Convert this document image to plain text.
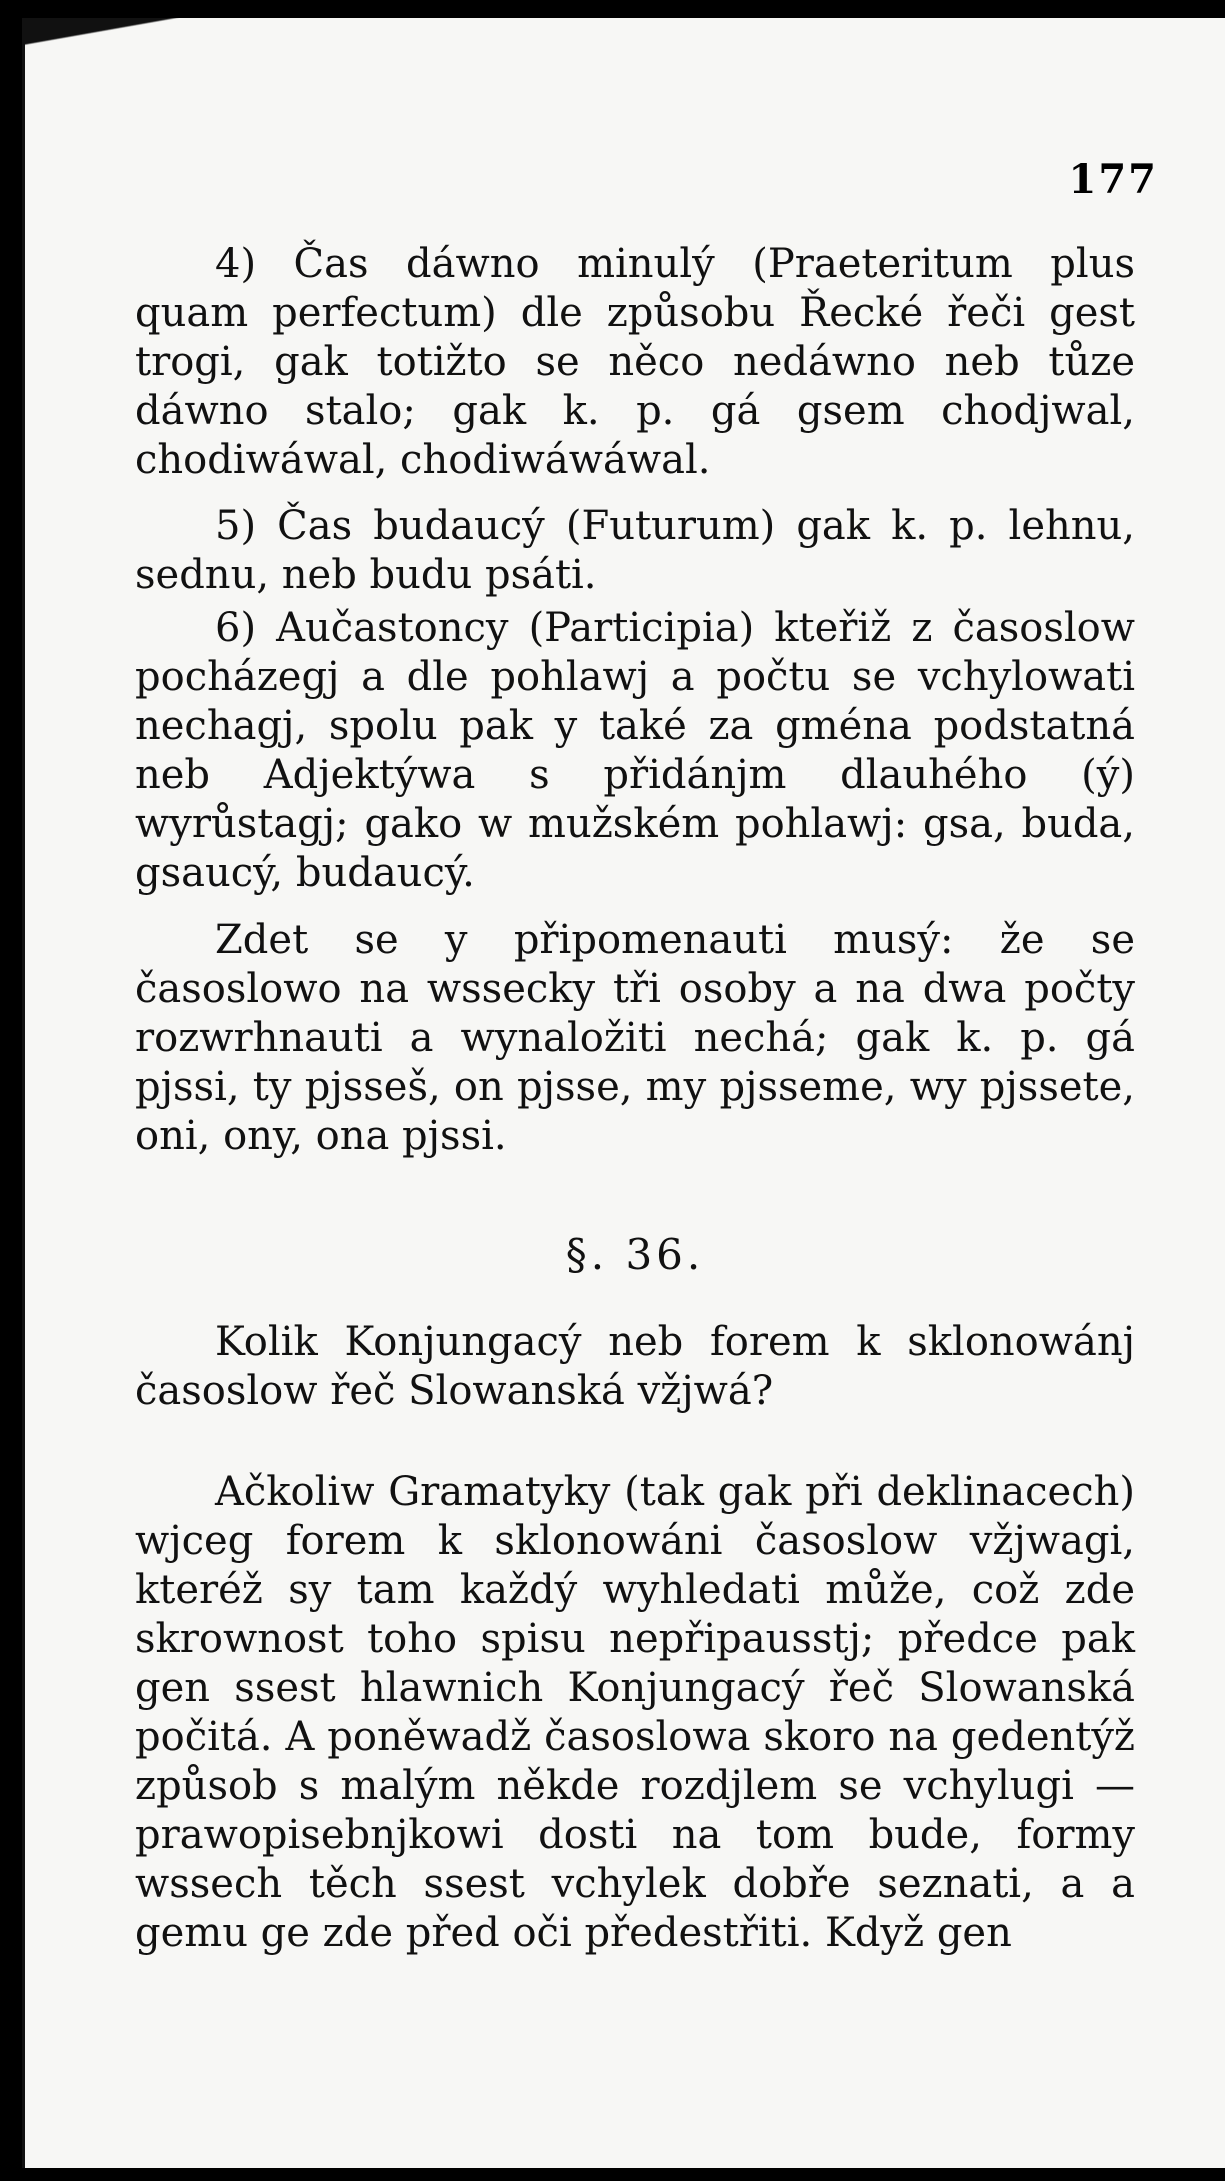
177

4) Čas dáwno minulý (Praeteritum plus quam perfectum) dle způsobu Řecké řeči gest trogi, gak totižto se něco nedáwno neb tůze dáwno stalo; gak k. p. gá gsem chodjwal, chodiwáwal, chodiwáwáwal.

5) Čas budaucý (Futurum) gak k. p. lehnu, sednu, neb budu psáti.

6) Aučastoncy (Participia) kteřiž z časoslow pocházegj a dle pohlawj a počtu se vchylowati nechagj, spolu pak y také za gména podstatná neb Adjektýwa s přidánjm dlauhého (ý) wyrůstagj; gako w mužském pohlawj: gsa, buda, gsaucý, budaucý.

Zdet se y připomenauti musý: že se časoslowo na wssecky tři osoby a na dwa počty rozwrhnauti a wynaložiti nechá; gak k. p. gá pjssi, ty pjsseš, on pjsse, my pjsseme, wy pjssete, oni, ony, ona pjssi.

§. 36.

Kolik Konjungacý neb forem k sklonowánj časoslow řeč Slowanská vžjwá?

Ačkoliw Gramatyky (tak gak při deklinacech) wjceg forem k sklonowáni časoslow vžjwagi, kteréž sy tam každý wyhledati může, což zde skrownost toho spisu nepřipausstj; předce pak gen ssest hlawnich Konjungacý řeč Slowanská počitá. A poněwadž časoslowa skoro na gedentýž způsob s malým někde rozdjlem se vchylugi — prawopisebnjkowi dosti na tom bude, formy wssech těch ssest vchylek dobře seznati, a a gemu ge zde před oči předestřiti. Když gen
